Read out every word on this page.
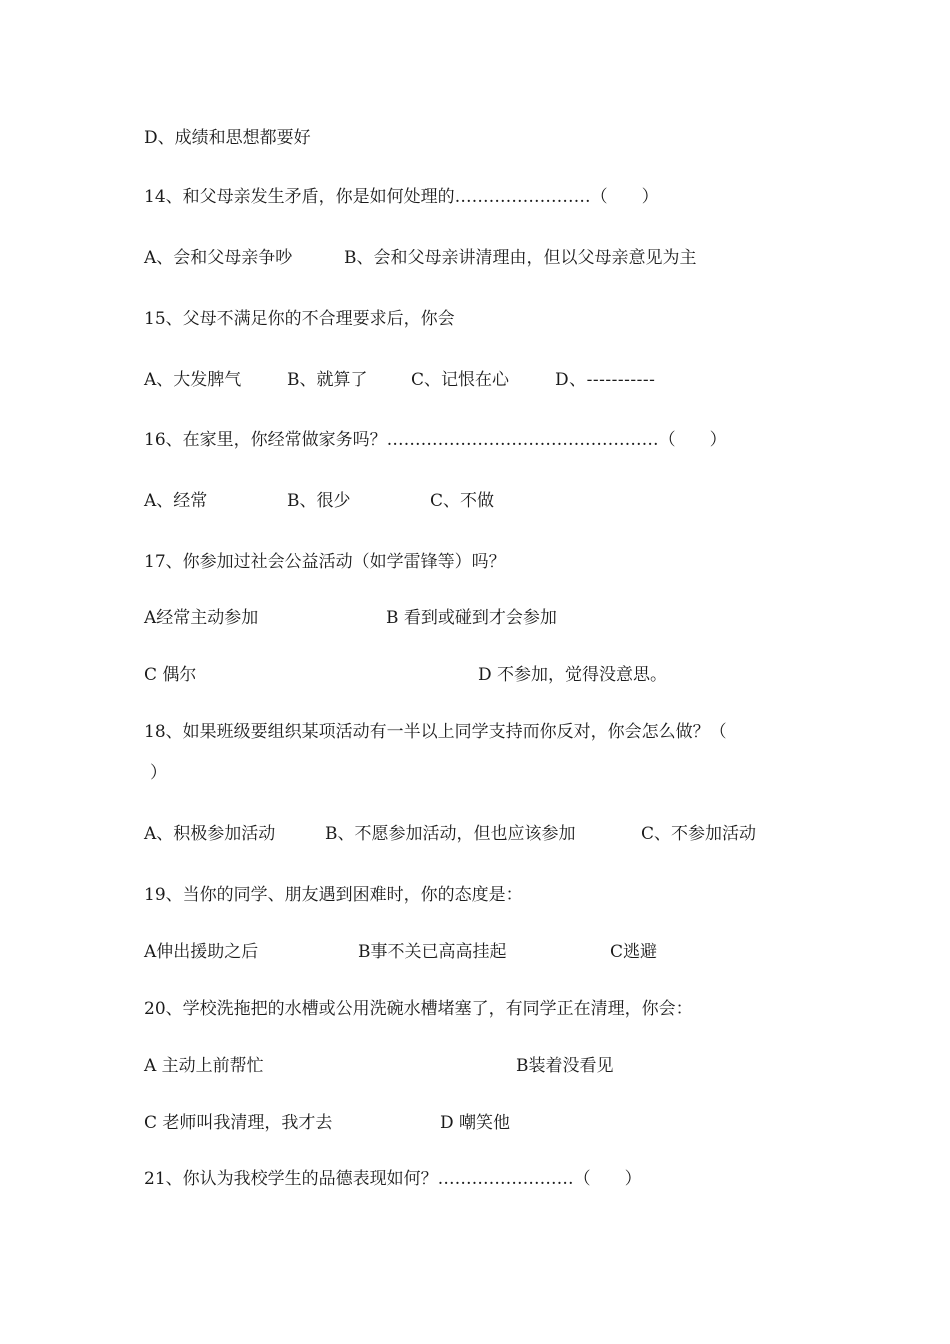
D、成绩和思想都要好
14、和父母亲发生矛盾，你是如何处理的……………………（　　）
A、会和父母亲争吵	B、会和父母亲讲清理由，但以父母亲意见为主
15、父母不满足你的不合理要求后，你会
A、大发脾气	B、就算了	C、记恨在心	D、-----------
16、在家里，你经常做家务吗？…………………………………………（　　）
A、经常	B、很少	C、不做
17、你参加过社会公益活动（如学雷锋等）吗？
A经常主动参加	B 看到或碰到才会参加
C 偶尔	D 不参加，觉得没意思。
18、如果班级要组织某项活动有一半以上同学支持而你反对，你会怎么做？（
）
A、积极参加活动	B、不愿参加活动，但也应该参加	C、不参加活动
19、当你的同学、朋友遇到困难时，你的态度是：
A伸出援助之后	B事不关已高高挂起	C逃避
20、学校洗拖把的水槽或公用洗碗水槽堵塞了，有同学正在清理，你会：
A 主动上前帮忙	B装着没看见
C 老师叫我清理，我才去	D 嘲笑他
21、你认为我校学生的品德表现如何？……………………（　　）
